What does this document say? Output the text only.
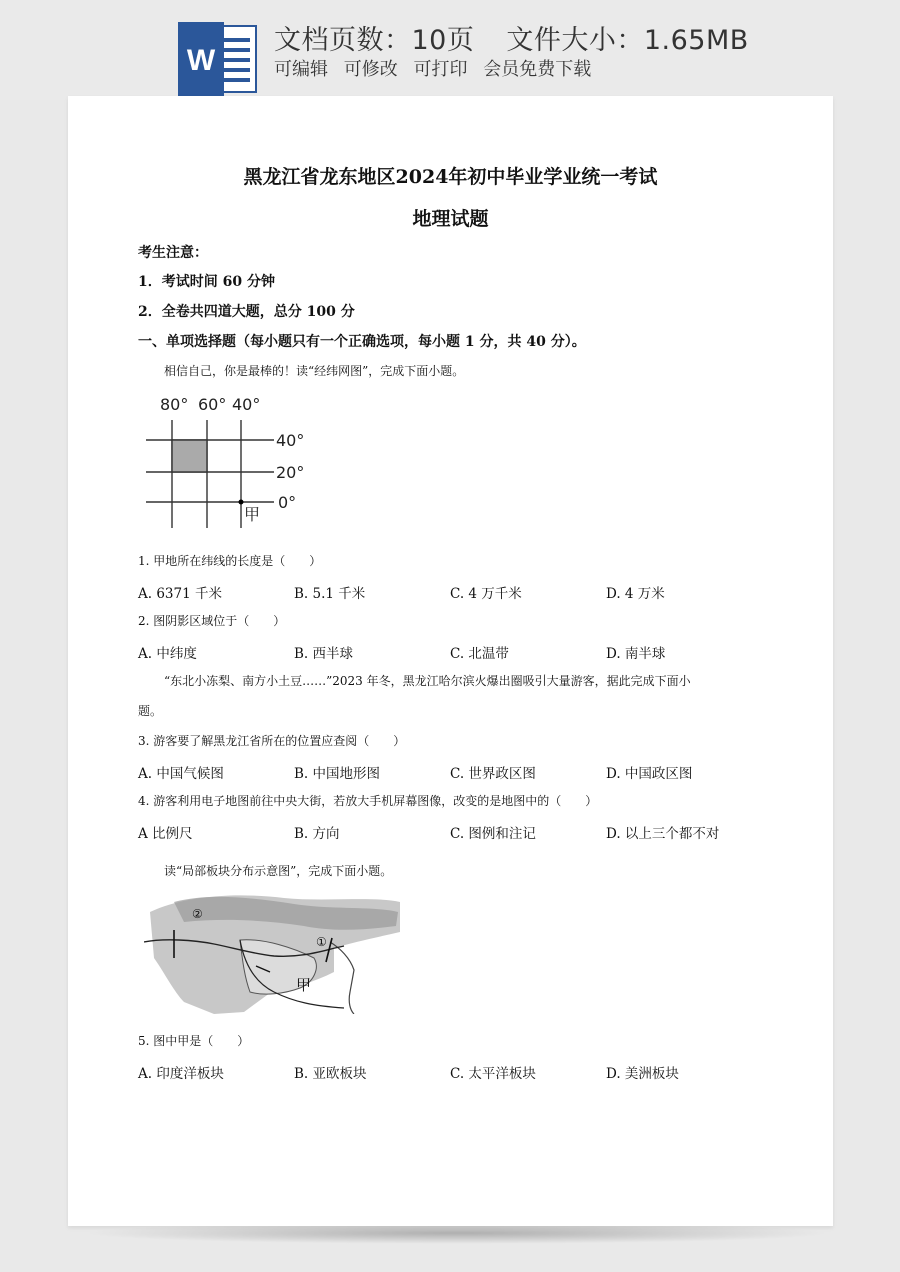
W
文档页数：10页 文件大小：1.65MB
可编辑 可修改 可打印 会员免费下载
黑龙江省龙东地区2024年初中毕业学业统一考试
地理试题
考生注意：
1．考试时间 60 分钟
2．全卷共四道大题，总分 100 分
一、单项选择题（每小题只有一个正确选项，每小题 1 分，共 40 分）。
相信自己，你是最棒的！读“经纬网图”，完成下面小题。
80° 60° 40°
40°
20°
0°
甲
1. 甲地所在纬线的长度是（　　）
A. 6371 千米	B. 5.1 千米	C. 4 万千米	D. 4 万米
2. 图阴影区域位于（　　）
A. 中纬度	B. 西半球	C. 北温带	D. 南半球
“东北小冻梨、南方小土豆……”2023 年冬，黑龙江哈尔滨火爆出圈吸引大量游客，据此完成下面小
题。
3. 游客要了解黑龙江省所在的位置应查阅（　　）
A. 中国气候图	B. 中国地形图	C. 世界政区图	D. 中国政区图
4. 游客利用电子地图前往中央大街，若放大手机屏幕图像，改变的是地图中的（　　）
A 比例尺	B. 方向	C. 图例和注记	D. 以上三个都不对
读“局部板块分布示意图”，完成下面小题。
②
①
甲
5. 图中甲是（　　）
A. 印度洋板块	B. 亚欧板块	C. 太平洋板块	D. 美洲板块
